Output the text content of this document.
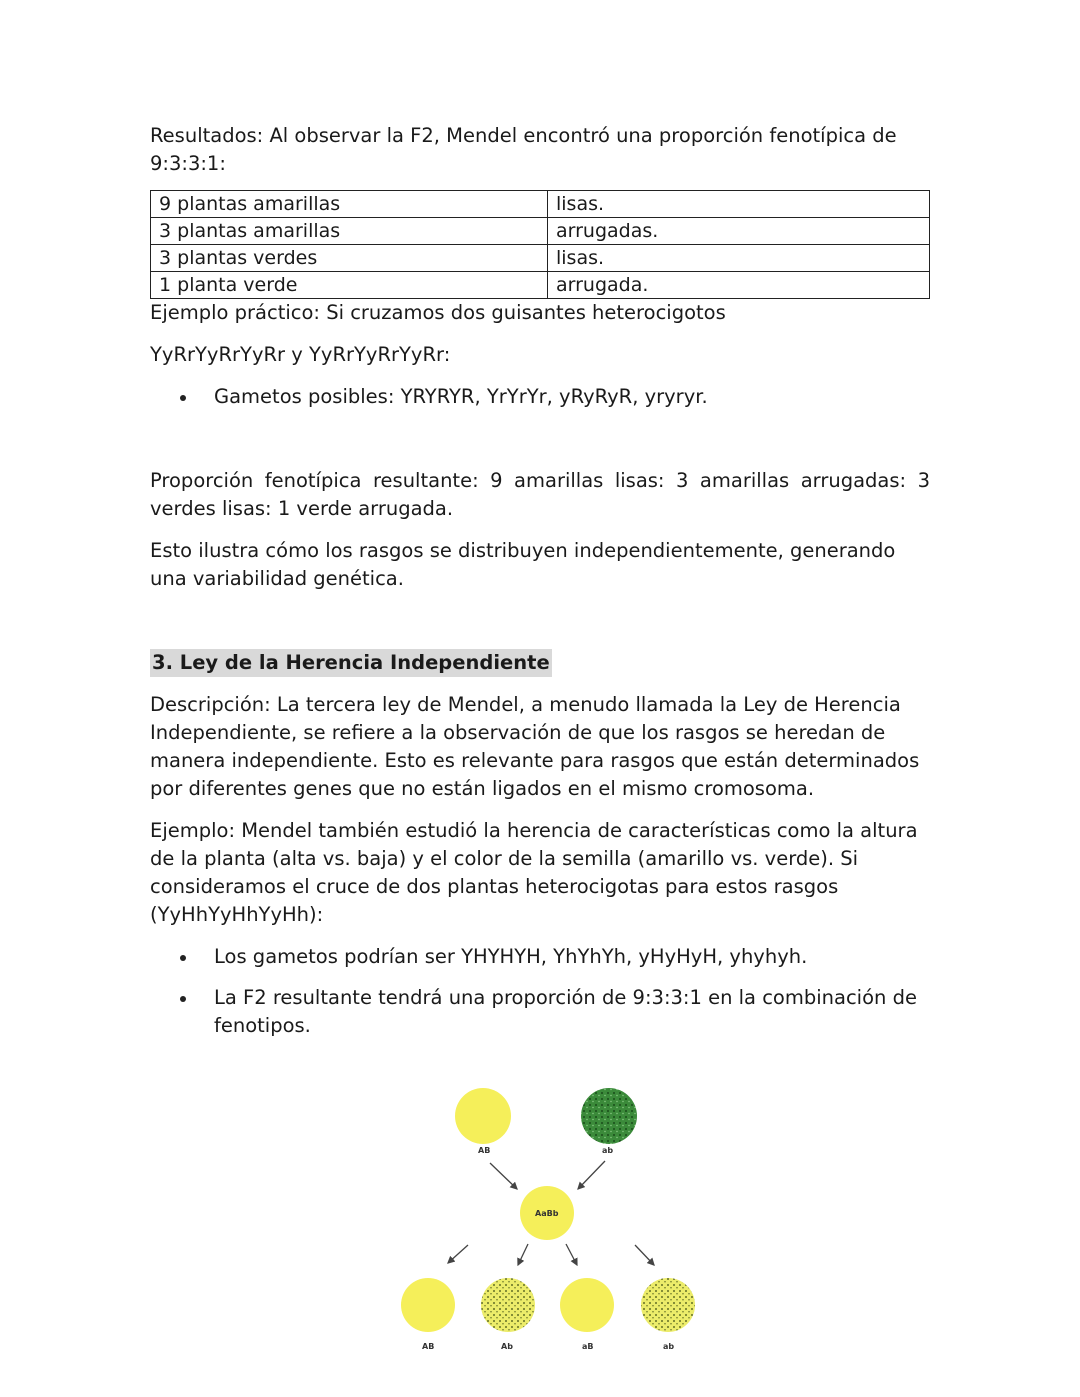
Resultados: Al observar la F2, Mendel encontró una proporción fenotípica de

9:3:3:1:

9 plantas amarillas	lisas.
3 plantas amarillas	arrugadas.
3 plantas verdes	lisas.
1 planta verde	arrugada.

Ejemplo práctico: Si cruzamos dos guisantes heterocigotos

YyRrYyRrYyRr y YyRrYyRrYyRr:

Gametos posibles: YRYRYR, YrYrYr, yRyRyR, yryryr.

Proporción fenotípica resultante: 9 amarillas lisas: 3 amarillas arrugadas: 3 verdes lisas: 1 verde arrugada.

Esto ilustra cómo los rasgos se distribuyen independientemente, generando una variabilidad genética.

3. Ley de la Herencia Independiente

Descripción: La tercera ley de Mendel, a menudo llamada la Ley de Herencia Independiente, se refiere a la observación de que los rasgos se heredan de manera independiente. Esto es relevante para rasgos que están determinados por diferentes genes que no están ligados en el mismo cromosoma.

Ejemplo: Mendel también estudió la herencia de características como la altura de la planta (alta vs. baja) y el color de la semilla (amarillo vs. verde). Si consideramos el cruce de dos plantas heterocigotas para estos rasgos (YyHhYyHhYyHh):

Los gametos podrían ser YHYHYH, YhYhYh, yHyHyH, yhyhyh.
La F2 resultante tendrá una proporción de 9:3:3:1 en la combinación de fenotipos.
AB	ab
AaBb
AB	Ab	aB	ab
